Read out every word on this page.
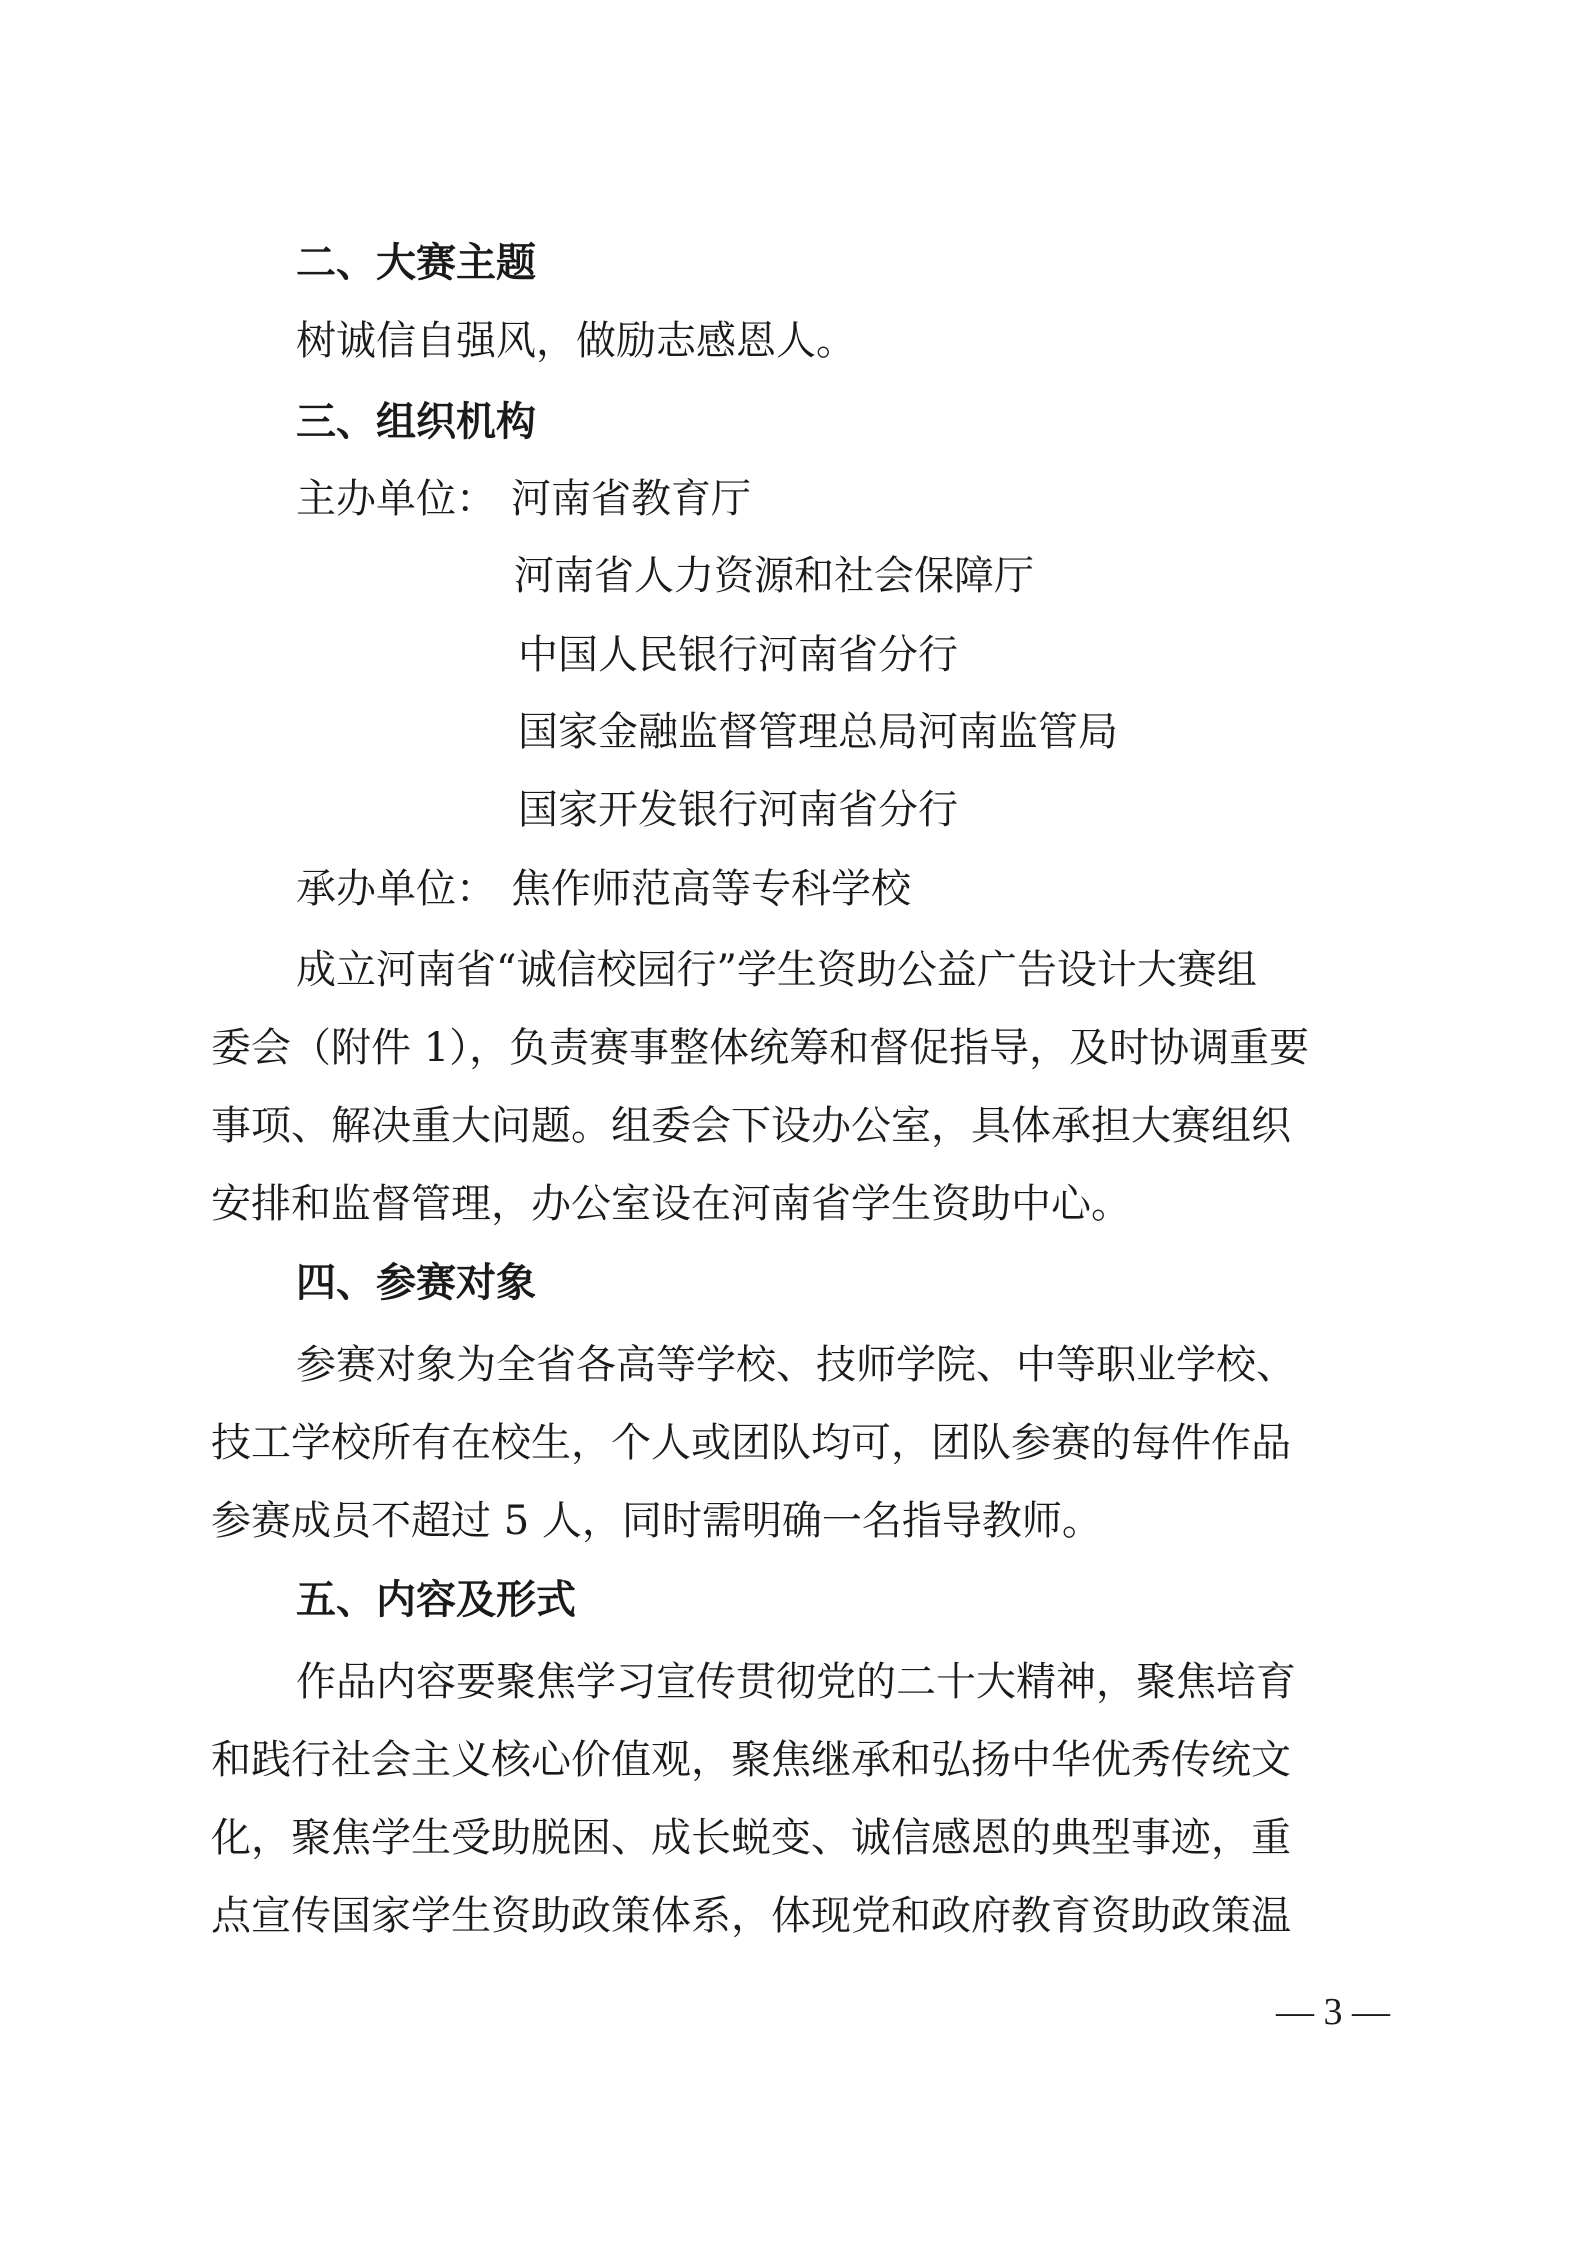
二、大赛主题
树诚信自强风，做励志感恩人。
三、组织机构
主办单位： 河南省教育厅
河南省人力资源和社会保障厅
中国人民银行河南省分行
国家金融监督管理总局河南监管局
国家开发银行河南省分行
承办单位： 焦作师范高等专科学校
成立河南省“诚信校园行”学生资助公益广告设计大赛组
委会（附件 1），负责赛事整体统筹和督促指导，及时协调重要
事项、解决重大问题。组委会下设办公室，具体承担大赛组织
安排和监督管理，办公室设在河南省学生资助中心。
四、参赛对象
参赛对象为全省各高等学校、技师学院、中等职业学校、
技工学校所有在校生，个人或团队均可，团队参赛的每件作品
参赛成员不超过 5 人，同时需明确一名指导教师。
五、内容及形式
作品内容要聚焦学习宣传贯彻党的二十大精神，聚焦培育
和践行社会主义核心价值观，聚焦继承和弘扬中华优秀传统文
化，聚焦学生受助脱困、成长蜕变、诚信感恩的典型事迹，重
点宣传国家学生资助政策体系，体现党和政府教育资助政策温
— 3 —
